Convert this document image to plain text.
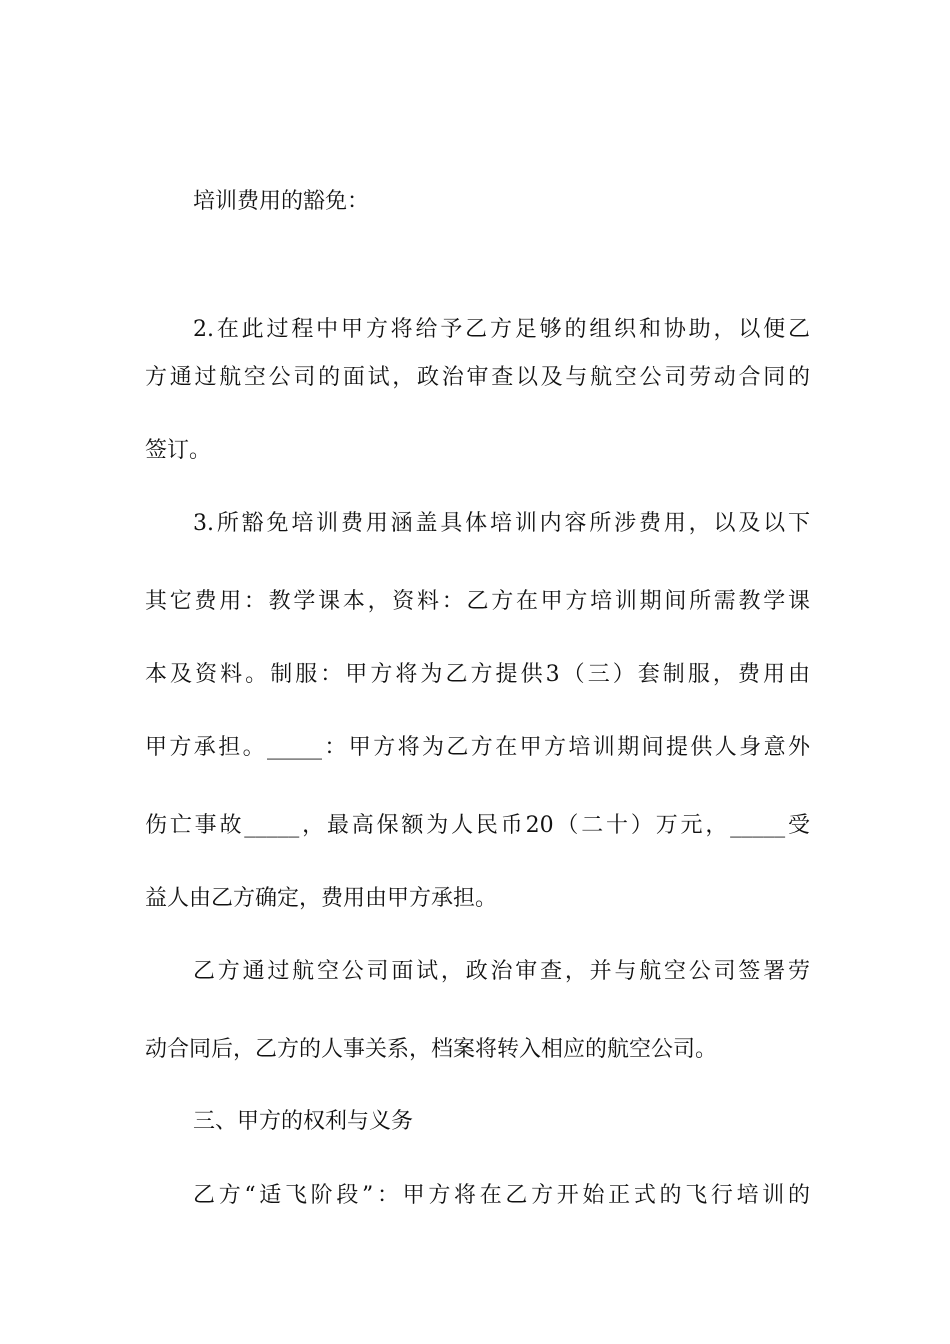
培训费用的豁免：
2.在此过程中甲方将给予乙方足够的组织和协助，以便乙
方通过航空公司的面试，政治审查以及与航空公司劳动合同的
签订。
3.所豁免培训费用涵盖具体培训内容所涉费用，以及以下
其它费用：教学课本，资料：乙方在甲方培训期间所需教学课
本及资料。制服：甲方将为乙方提供3（三）套制服，费用由
甲方承担。_____：甲方将为乙方在甲方培训期间提供人身意外
伤亡事故_____，最高保额为人民币20（二十）万元，_____受
益人由乙方确定，费用由甲方承担。
乙方通过航空公司面试，政治审查，并与航空公司签署劳
动合同后，乙方的人事关系，档案将转入相应的航空公司。
三、甲方的权利与义务
乙方“适飞阶段”：甲方将在乙方开始正式的飞行培训的
